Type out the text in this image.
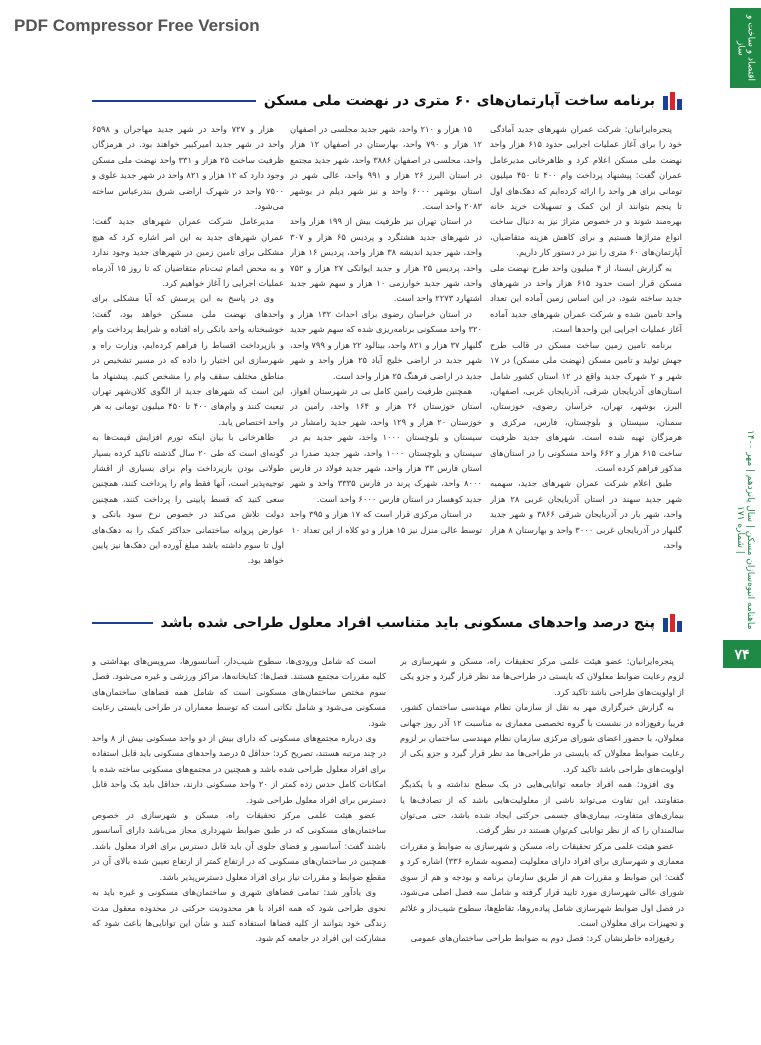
PDF Compressor Free Version	اقتصاد و ساخت و ساز
ماهنامه انبوه‌سازان مسکن | سال پانزدهم | مهر ۱۴۰۰ | شماره ۱۷۱
۷۴
برنامه ساخت آپارتمان‌های ۶۰ متری در نهضت ملی مسکن

پنجره‌ایرانیان: شرکت عمران شهرهای جدید آمادگی خود را برای آغاز عملیات اجرایی حدود ۶۱۵ هزار واحد نهضت ملی مسکن اعلام کرد و ظاهرخانی مدیرعامل عمران گفت: پیشنهاد پرداخت وام ۴۰۰ تا ۴۵۰ میلیون تومانی برای هر واحد را ارائه کرده‌ایم که دهک‌های اول تا پنجم بتوانند از این کمک و تسهیلات خرید خانه بهره‌مند شوند و در خصوص متراژ نیز به دنبال ساخت انواع متراژها هستیم و برای کاهش هزینه متقاضیان، آپارتمان‌های ۶۰ متری را نیز در دستور کار داریم.

به گزارش ایسنا، از ۴ میلیون واحد طرح نهضت ملی مسکن قرار است حدود ۶۱۵ هزار واحد در شهرهای جدید ساخته شود، در این اساس زمین آماده این تعداد واحد تامین شده و شرکت عمران شهرهای جدید آماده آغاز عملیات اجرایی این واحدها است.

برنامه تامین زمین ساخت مسکن در قالب طرح جهش تولید و تامین مسکن (نهضت ملی مسکن) در ۱۷ شهر و ۲ شهرک جدید واقع در ۱۲ استان کشور شامل استان‌های آذربایجان شرقی، آذربایجان غربی، اصفهان، البرز، بوشهر، تهران، خراسان رضوی، خوزستان، سمنان، سیستان و بلوچستان، فارس، مرکزی و هرمزگان تهیه شده است. شهرهای جدید ظرفیت ساخت ۶۱۵ هزار و ۶۶۲ واحد مسکونی را در استان‌های مذکور فراهم کرده است.

طبق اعلام شرکت عمران شهرهای جدید، سهمیه شهر جدید سهند در استان آذربایجان غربی ۲۸ هزار واحد، شهر یار در آذربایجان شرقی ۳۸۶۶ و شهر جدید گلبهار در آذربایجان غربی ۳۰۰۰ واحد و بهارستان ۸ هزار واحد،

۱۵ هزار و ۲۱۰ واحد، شهر جدید مجلسی در اصفهان ۱۲ هزار و ۷۹۰ واحد، بهارستان در اصفهان ۱۲ هزار واحد، مجلسی در اصفهان ۳۸۸۶ واحد، شهر جدید مجتمع در استان البرز ۲۶ هزار و ۹۹۱ واحد، عالی شهر در استان بوشهر ۶۰۰۰ واحد و نیز شهر دیلم در بوشهر ۲۰۸۳ واحد است.

در استان تهران نیز ظرفیت بیش از ۱۹۹ هزار واحد در شهرهای جدید هشتگرد و پردیس ۶۵ هزار و ۳۰۷ واحد، شهر جدید اندیشه ۳۸ هزار واحد، پردیس ۱۶ هزار واحد، پردیس ۲۵ هزار و جدید ایوانکی ۲۷ هزار و ۷۵۲ واحد، شهر جدید خوارزمی ۱۰ هزار و سهم شهر جدید اشتهارد ۲۲۷۳ واحد است.

در استان خراسان رضوی برای احداث ۱۳۲ هزار و ۳۲۰ واحد مسکونی برنامه‌ریزی شده که سهم شهر جدید گلبهار ۳۷ هزار و ۸۲۱ واحد، بینالود ۲۲ هزار و ۷۹۹ واحد، شهر جدید در اراضی خلیج آباد ۲۵ هزار واحد و شهر جدید در اراضی فرهنگ ۲۵ هزار واحد است.

همچنین ظرفیت رامین کامل بی در شهرستان اهواز، استان خوزستان ۲۶ هزار و ۱۶۴ واحد، رامین در خوزستان ۲۰ هزار و ۱۲۹ واحد، شهر جدید رامشار در سیستان و بلوچستان ۱۰۰۰ واحد، شهر جدید بم در سیستان و بلوچستان ۱۰۰۰ واحد، شهر جدید صدرا در استان فارس ۳۳ هزار واحد، شهر جدید فولاد در فارس ۸۰۰۰ واحد، شهرک پرند در فارس ۳۳۳۵ واحد و شهر جدید کوهسار در استان فارس ۶۰۰۰ واحد است.

در استان مرکزی قرار است که ۱۷ هزار و ۳۹۵ واحد توسط عالی منزل نیز ۱۵ هزار و دو کلاه از این تعداد ۱۰

هزار و ۷۲۷ واحد در شهر جدید مهاجران و ۶۵۹۸ واحد در شهر جدید امیرکبیر خواهند بود. در هرمزگان ظرفیت ساخت ۲۵ هزار و ۳۳۱ واحد نهضت ملی مسکن وجود دارد که ۱۲ هزار و ۸۲۱ واحد در شهر جدید علوی و ۷۵۰۰ واحد در شهرک اراضی شرق بندرعباس ساخته می‌شود.

مدیرعامل شرکت عمران شهرهای جدید گفت: عمران شهرهای جدید به این امر اشاره کرد که هیچ مشکلی برای تامین زمین در شهرهای جدید وجود ندارد و به محض اتمام ثبت‌نام متقاضیان که تا روز ۱۵ آذرماه عملیات اجرایی را آغاز خواهیم کرد.

وی در پاسخ به این پرسش که آیا مشکلی برای واحدهای نهضت ملی مسکن خواهد بود، گفت: خوشبختانه واحد بانکی راه افتاده و شرایط پرداخت وام و بازپرداخت اقساط را فراهم کرده‌ایم، وزارت راه و شهرسازی این اختیار را داده که در مسیر تشخیص در مناطق مختلف سقف وام را مشخص کنیم. پیشنهاد ما این است که شهرهای جدید از الگوی کلان‌شهر تهران تبعیت کنند و وام‌های ۴۰۰ تا ۴۵۰ میلیون تومانی به هر واحد اختصاص یابد.

ظاهرخانی با بیان اینکه تورم افزایش قیمت‌ها به گونه‌ای است که طی ۲۰ سال گذشته تاکید کرده بسیار طولانی بودن بازپرداخت وام برای بسیاری از اقشار توجیه‌پذیر است، آنها فقط وام را پرداخت کنند، همچنین سعی کنید که قسط پایینی را پرداخت کنند، همچنین دولت تلاش می‌کند در خصوص نرخ سود بانکی و عوارض پروانه ساختمانی حداکثر کمک را به دهک‌های اول تا سوم داشته باشد مبلغ آورده این دهک‌ها نیز پایین خواهد بود.

پنج درصد واحدهای مسکونی باید متناسب افراد معلول طراحی شده باشد

پنجره‌ایرانیان: عضو هیئت علمی مرکز تحقیقات راه، مسکن و شهرسازی بر لزوم رعایت ضوابط معلولان که بایستی در طراحی‌ها مد نظر قرار گیرد و جزو یکی از اولویت‌های طراحی باشد تاکید کرد.

به گزارش خبرگزاری مهر به نقل از سازمان نظام مهندسی ساختمان کشور، فریبا رفیع‌زاده در نشست با گروه تخصصی معماری به مناسبت ۱۲ آذر روز جهانی معلولان، با حضور اعضای شورای مرکزی سازمان نظام مهندسی ساختمان بر لزوم رعایت ضوابط معلولان که بایستی در طراحی‌ها مد نظر قرار گیرد و جزو یکی از اولویت‌های طراحی باشد تاکید کرد.

وی افزود: همه افراد جامعه توانایی‌هایی در یک سطح نداشته و با یکدیگر متفاوتند، این تفاوت می‌تواند ناشی از معلولیت‌هایی باشد که از تصادف‌ها یا بیماری‌های متفاوت، بیماری‌های جسمی حرکتی ایجاد شده باشد، حتی می‌توان سالمندان را که از نظر توانایی کم‌توان هستند در نظر گرفت.

عضو هیئت علمی مرکز تحقیقات راه، مسکن و شهرسازی به ضوابط و مقررات معماری و شهرسازی برای افراد دارای معلولیت (مصوبه شماره ۳۳۶) اشاره کرد و گفت: این ضوابط و مقررات هم از طریق سازمان برنامه و بودجه و هم از سوی شورای عالی شهرسازی مورد تایید قرار گرفته و شامل سه فصل اصلی می‌شود، در فصل اول ضوابط شهرسازی شامل پیاده‌روها، تقاطع‌ها، سطوح شیب‌دار و علائم و تجهیزات برای معلولان است.

رفیع‌زاده خاطرنشان کرد: فصل دوم به ضوابط طراحی ساختمان‌های عمومی

است که شامل ورودی‌ها، سطوح شیب‌دار، آسانسورها، سرویس‌های بهداشتی و کلیه مقررات مجتمع هستند. فصل‌ها: کتابخانه‌ها، مراکز ورزشی و غیره می‌شود. فصل سوم مختص ساختمان‌های مسکونی است که شامل همه فضاهای ساختمان‌های مسکونی می‌شود و شامل نکاتی است که توسط معماران در طراحی بایستی رعایت شود.

وی درباره مجتمع‌های مسکونی که دارای بیش از دو واحد مسکونی بیش از ۸ واحد در چند مرتبه هستند، تصریح کرد: حداقل ۵ درصد واحدهای مسکونی باید قابل استفاده برای افراد معلول طراحی شده باشد و همچنین در مجتمع‌های مسکونی ساخته شده با امکانات کامل حدس زده کمتر از ۲۰ واحد مسکونی دارند، حداقل باید یک واحد قابل دسترس برای افراد معلول طراحی شود.

عضو هیئت علمی مرکز تحقیقات راه، مسکن و شهرسازی در خصوص ساختمان‌های مسکونی که در طبق ضوابط شهرداری مجاز می‌باشد دارای آسانسور باشند گفت: آسانسور و فضای جلوی آن باید قابل دسترس برای افراد معلول باشد. همچنین در ساختمان‌های مسکونی که در ارتفاع کمتر از ارتفاع تعیین شده بالای آن در مقطع ضوابط و مقررات نیاز برای افراد معلول دسترس‌پذیر باشد.

وی یادآور شد: تمامی فضاهای شهری و ساختمان‌های مسکونی و غیره باید به نحوی طراحی شود که همه افراد با هر محدودیت حرکتی در محدوده معقول مدت زندگی خود بتوانند از کلیه فضاها استفاده کنند و شأن این توانایی‌ها باعث شود که مشارکت این افراد در جامعه کم شود.
